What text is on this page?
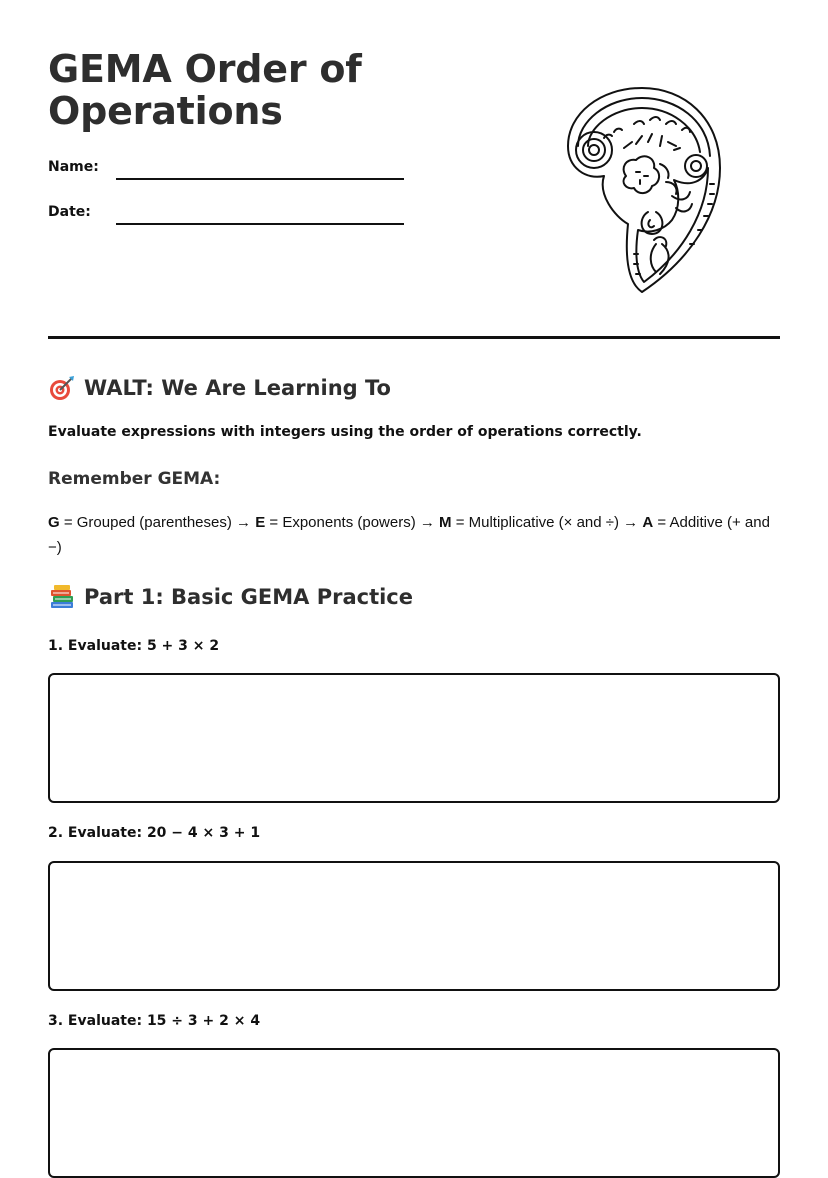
GEMA Order of Operations
Name:
Date:
WALT: We Are Learning To

Evaluate expressions with integers using the order of operations correctly.

Remember GEMA:

G = Grouped (parentheses) → E = Exponents (powers) → M = Multiplicative (× and ÷) → A = Additive (+ and −)

Part 1: Basic GEMA Practice

1. Evaluate: 5 + 3 × 2

2. Evaluate: 20 − 4 × 3 + 1

3. Evaluate: 15 ÷ 3 + 2 × 4
